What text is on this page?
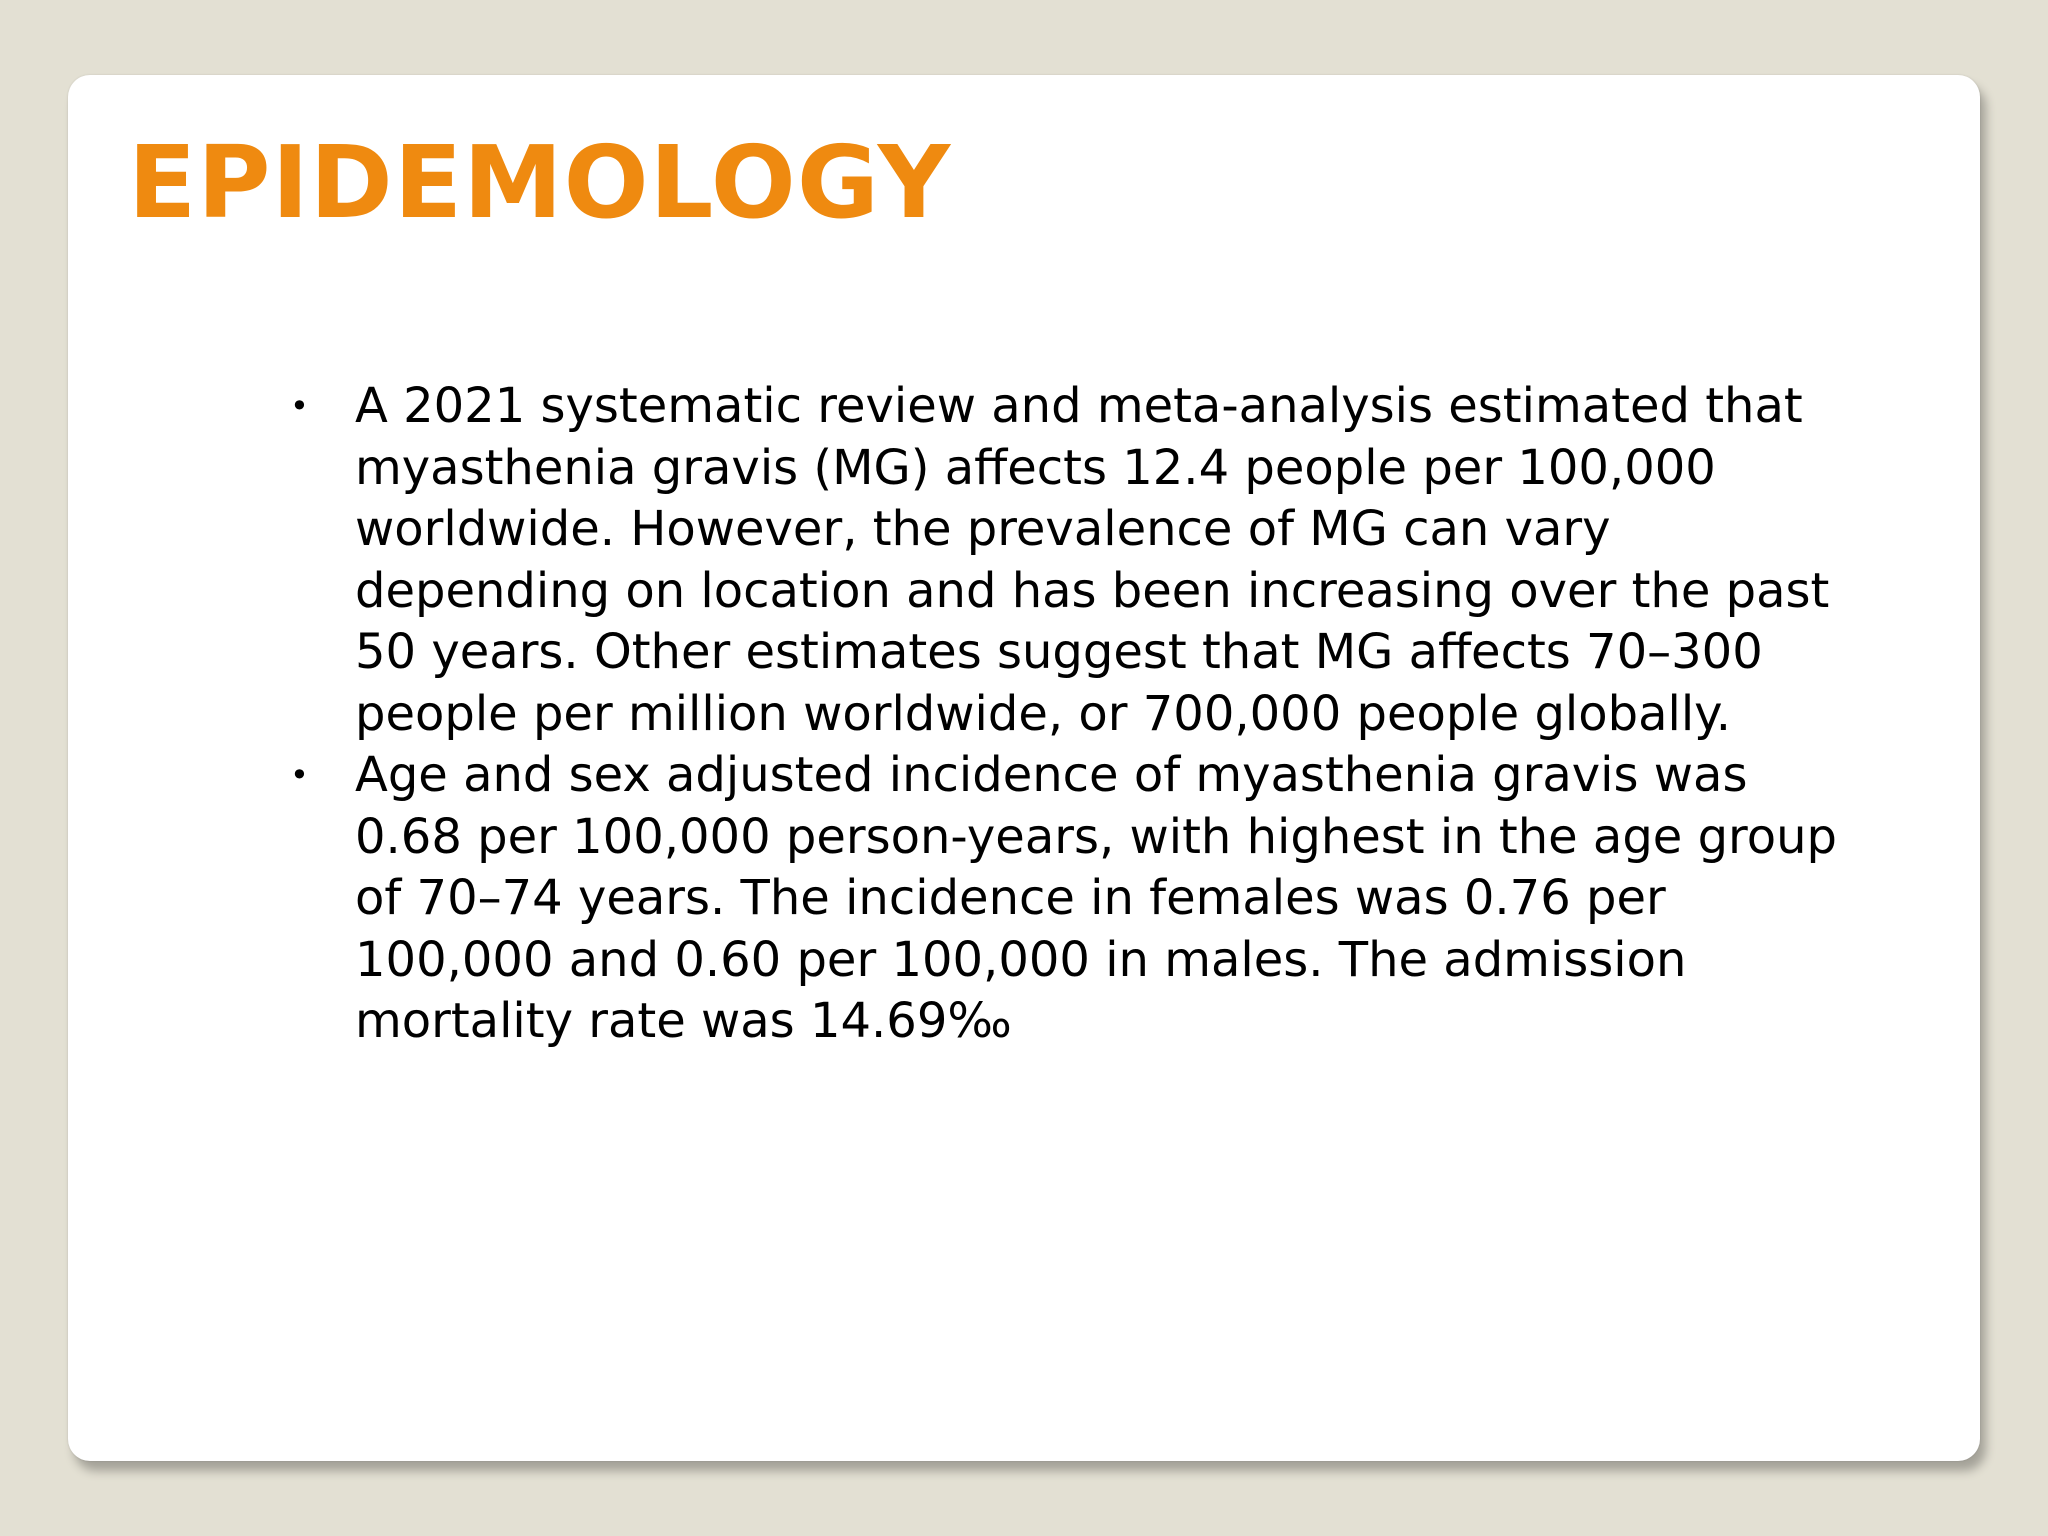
EPIDEMOLOGY
• A 2021 systematic review and meta-analysis estimated that myasthenia gravis (MG) affects 12.4 people per 100,000 worldwide. However, the prevalence of MG can vary depending on location and has been increasing over the past 50 years. Other estimates suggest that MG affects 70–300 people per million worldwide, or 700,000 people globally.
• Age and sex adjusted incidence of myasthenia gravis was 0.68 per 100,000 person-years, with highest in the age group of 70–74 years. The incidence in females was 0.76 per 100,000 and 0.60 per 100,000 in males. The admission mortality rate was 14.69‰
